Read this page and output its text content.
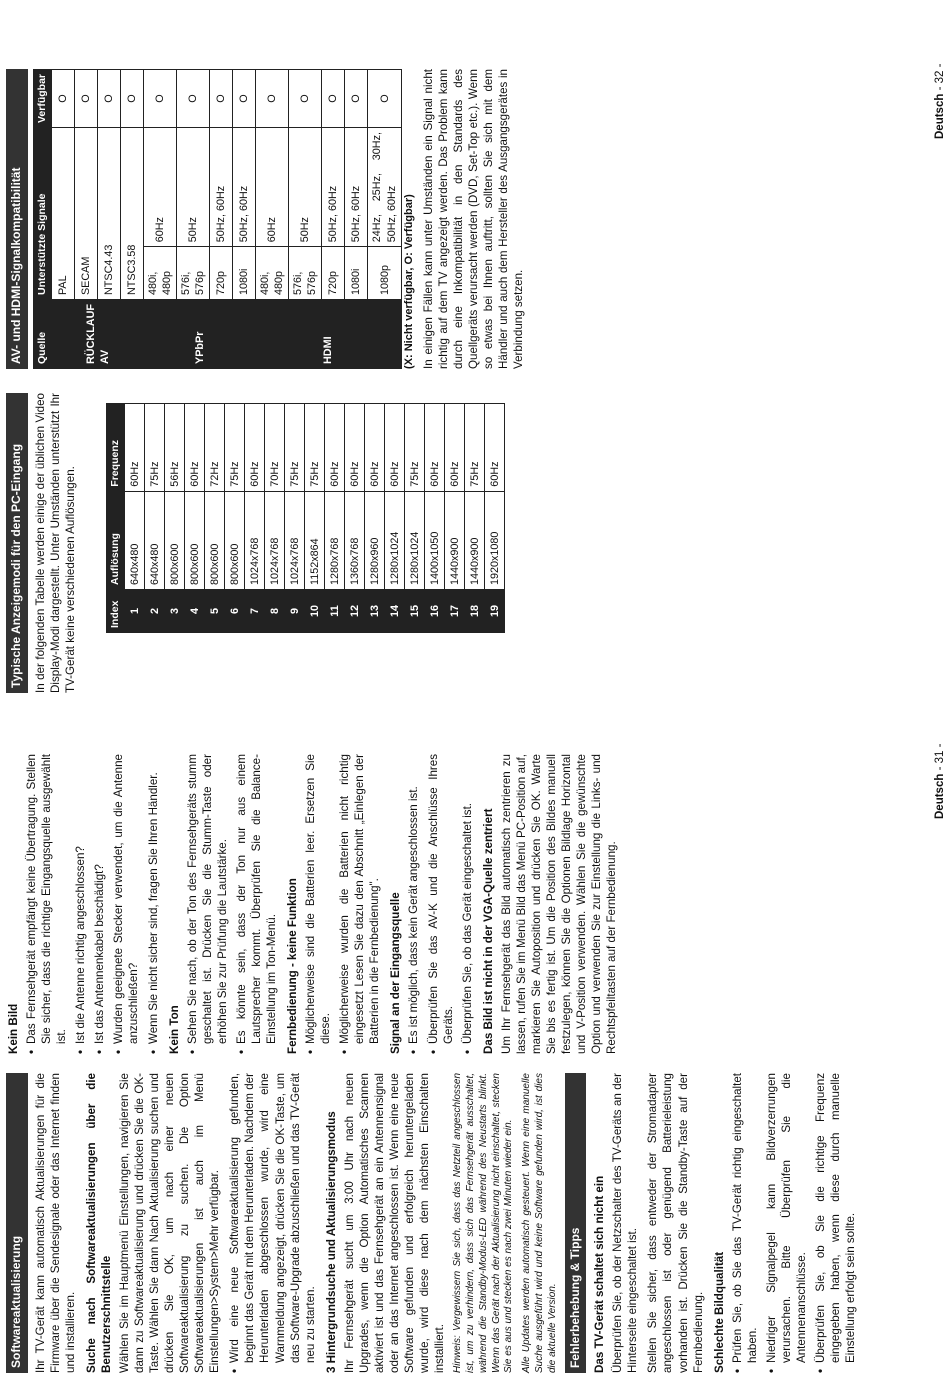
Softwareaktualisierung Ihr TV-Gerät kann automatisch Aktualisierungen für die Firmware über die Sendesignale oder das Internet finden und installieren. Suche nach Softwareaktualisierungen über die Benutzerschnittstelle Wählen Sie im Hauptmenü Einstellungen, navigieren Sie dann zu Softwareaktualisierung und drücken Sie die OK-Taste. Wählen Sie dann Nach Aktualisierung suchen und drücken Sie OK, um nach einer neuen Softwareaktualisierung zu suchen. Die Option Softwareaktualisierungen ist auch im Menü Einstellungen>System>Mehr verfügbar. • Wird eine neue Softwareaktualisierung gefunden, beginnt das Gerät mit dem Herunterladen. Nachdem der Herunterladen abgeschlossen wurde, wird eine Warnmeldung angezeigt, drücken Sie die OK-Taste, um das Software-Upgrade abzuschließen und das TV-Gerät neu zu starten. 3 Hintergrundsuche und Aktualisierungsmodus Ihr Fernsehgerät sucht um 3:00 Uhr nach neuen Upgrades, wenn die Option Automatisches Scannen aktiviert ist und das Fernsehgerät an ein Antennensignal oder an das Internet angeschlossen ist. Wenn eine neue Software gefunden und erfolgreich heruntergeladen wurde, wird diese nach dem nächsten Einschalten installiert. Hinweis: Vergewissern Sie sich, dass das Netzteil angeschlossen ist, um zu verhindern, dass sich das Fernsehgerät ausschaltet, während die Standby-Modus-LED während des Neustarts blinkt. Wenn das Gerät nach der Aktualisierung nicht einschaltet, stecken Sie es aus und stecken es nach zwei Minuten wieder ein. Alle Updates werden automatisch gesteuert. Wenn eine manuelle Suche ausgeführt wird und keine Software gefunden wird, ist dies die aktuelle Version. Fehlerbehebung & Tipps Das TV-Gerät schaltet sich nicht ein Überprüfen Sie, ob der Netzschalter des TV-Geräts an der Hinterseite eingeschaltet ist. Stellen Sie sicher, dass entweder der Stromadapter angeschlossen ist oder genügend Batterieleistung vorhanden ist. Drücken Sie die Standby-Taste auf der Fernbedienung. Schlechte Bildqualität • Prüfen Sie, ob Sie das TV-Gerät richtig eingeschaltet haben. • Niedriger Signalpegel kann Bildverzerrungen verursachen. Bitte Überprüfen Sie die Antennenanschlüsse. • Überprüfen Sie, ob Sie die richtige Frequenz eingegeben haben, wenn diese durch manuelle Einstellung erfolgt sein sollte.
Kein Bild • Das Fernsehgerät empfängt keine Übertragung. Stellen Sie sicher, dass die richtige Eingangsquelle ausgewählt ist. • Ist die Antenne richtig angeschlossen? • Ist das Antennenkabel beschädigt? • Wurden geeignete Stecker verwendet, um die Antenne anzuschließen? • Wenn Sie nicht sicher sind, fragen Sie Ihren Händler. Kein Ton • Sehen Sie nach, ob der Ton des Fernsehgeräts stumm geschaltet ist. Drücken Sie die Stumm-Taste oder erhöhen Sie zur Prüfung die Lautstärke. • Es könnte sein, dass der Ton nur aus einem Lautsprecher kommt. Überprüfen Sie die Balance-Einstellung im Ton-Menü. Fernbedienung - keine Funktion • Möglicherweise sind die Batterien leer. Ersetzen Sie diese. • Möglicherweise wurden die Batterien nicht richtig eingesetzt Lesen Sie dazu den Abschnitt „Einlegen der Batterien in die Fernbedienung". Signal an der Eingangsquelle • Es ist möglich, dass kein Gerät angeschlossen ist. • Überprüfen Sie das AV-K und die Anschlüsse Ihres Geräts. • Überprüfen Sie, ob das Gerät eingeschaltet ist. Das Bild ist nicht in der VGA-Quelle zentriert Um Ihr Fernsehgerät das Bild automatisch zentrieren zu lassen, rufen Sie im Menü Bild das Menü PC-Position auf, markieren Sie Autoposition und drücken Sie OK. Warte Sie bis es fertig ist. Um die Position des Bildes manuell festzulegen, können Sie die Optionen Bildlage Horizontal und V-Position verwenden. Wählen Sie die gewünschte Option und verwenden Sie zur Einstellung die Links- und Rechtspfeiltasten auf der Fernbedienung.

Deutsch - 31 -
Typische Anzeigemodi für den PC-Eingang In der folgenden Tabelle werden einige der üblichen Video Display-Modi dargestellt. Unter Umständen unterstützt Ihr TV-Gerät keine verschiedenen Auflösungen.	Index	Auflösung	Frequenz
1	640x480	60Hz
2	640x480	75Hz
3	800x600	56Hz
4	800x600	60Hz
5	800x600	72Hz
6	800x600	75Hz
7	1024x768	60Hz
8	1024x768	70Hz
9	1024x768	75Hz
10	1152x864	75Hz
11	1280x768	60Hz
12	1360x768	60Hz
13	1280x960	60Hz
14	1280x1024	60Hz
15	1280x1024	75Hz
16	1400x1050	60Hz
17	1440x900	60Hz
18	1440x900	75Hz
19	1920x1080	60Hz
AV- und HDMI-Signalkompatibilität	Quelle	Unterstützte Signale		Verfügbar
RÜCKLAUF AV	PAL		O
	SECAM		O
	NTSC4.43		O
	NTSC3.58		O
YPbPr	480i, 480p	60Hz	O
	576i, 576p	50Hz	O
	720p	50Hz, 60Hz	O
	1080i	50Hz, 60Hz	O
HDMI	480i, 480p	60Hz	O
	576i, 576p	50Hz	O
	720p	50Hz, 60Hz	O
	1080i	50Hz, 60Hz	O
	1080p	24Hz, 25Hz, 30Hz, 50Hz, 60Hz	O

(X: Nicht verfügbar, O: Verfügbar) In einigen Fällen kann unter Umständen ein Signal nicht richtig auf dem TV angezeigt werden. Das Problem kann durch eine Inkompatibilität in den Standards des Quellgeräts verursacht werden (DVD, Set-Top etc.). Wenn so etwas bei Ihnen auftritt, sollten Sie sich mit dem Händler und auch dem Hersteller des Ausgangsgerätes in Verbindung setzen.

Deutsch - 32 -
